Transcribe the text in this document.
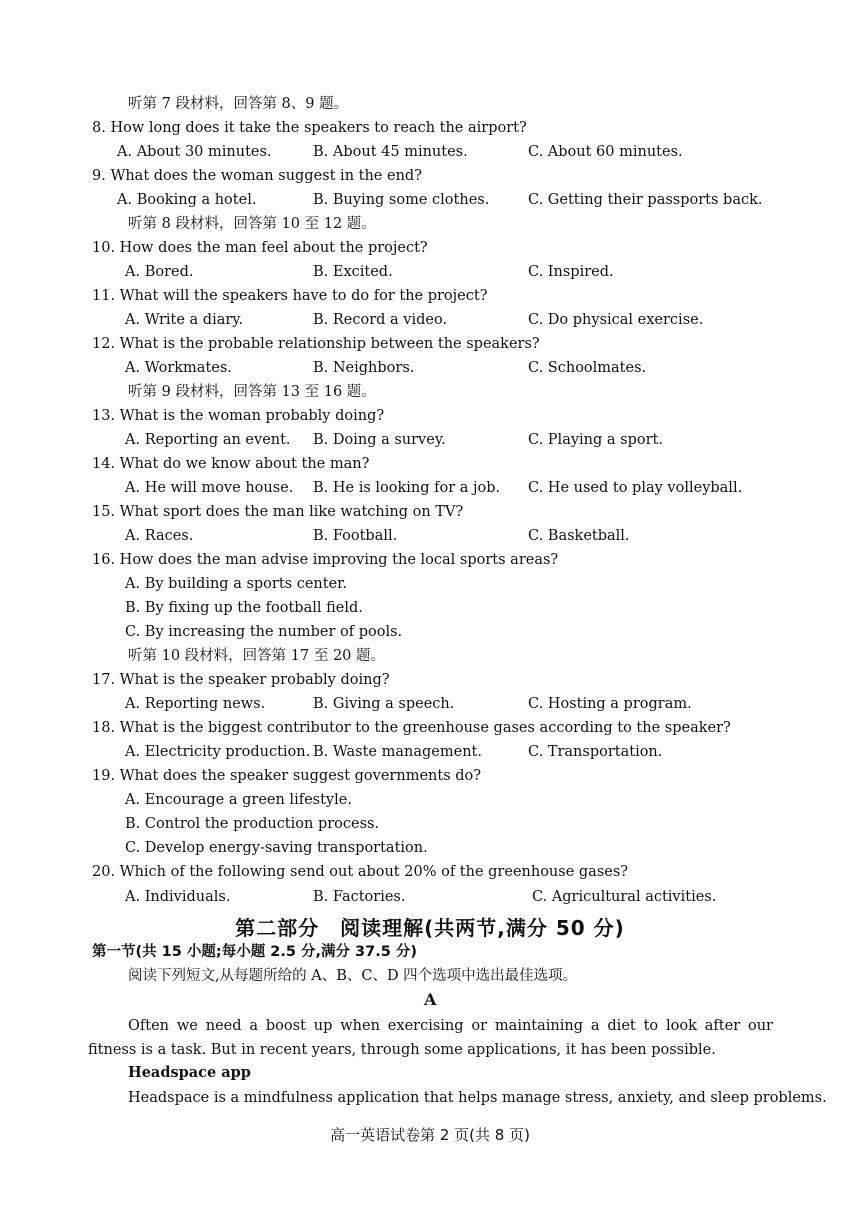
听第 7 段材料，回答第 8、9 题。
8. How long does it take the speakers to reach the airport?
A. About 30 minutes.	B. About 45 minutes.	C. About 60 minutes.
9. What does the woman suggest in the end?
A. Booking a hotel.	B. Buying some clothes.	C. Getting their passports back.
听第 8 段材料，回答第 10 至 12 题。
10. How does the man feel about the project?
A. Bored.	B. Excited.	C. Inspired.
11. What will the speakers have to do for the project?
A. Write a diary.	B. Record a video.	C. Do physical exercise.
12. What is the probable relationship between the speakers?
A. Workmates.	B. Neighbors.	C. Schoolmates.
听第 9 段材料，回答第 13 至 16 题。
13. What is the woman probably doing?
A. Reporting an event. B. Doing a survey.	C. Playing a sport.
14. What do we know about the man?
A. He will move house. B. He is looking for a job. C. He used to play volleyball.
15. What sport does the man like watching on TV?
A. Races.	B. Football.	C. Basketball.
16. How does the man advise improving the local sports areas?
A. By building a sports center.
B. By fixing up the football field.
C. By increasing the number of pools.
听第 10 段材料，回答第 17 至 20 题。
17. What is the speaker probably doing?
A. Reporting news.	B. Giving a speech.	C. Hosting a program.
18. What is the biggest contributor to the greenhouse gases according to the speaker?
A. Electricity production. B. Waste management.	C. Transportation.
19. What does the speaker suggest governments do?
A. Encourage a green lifestyle.
B. Control the production process.
C. Develop energy-saving transportation.
20. Which of the following send out about 20% of the greenhouse gases?
A. Individuals.	B. Factories.	C. Agricultural activities.
第二部分　阅读理解(共两节,满分 50 分)
第一节(共 15 小题;每小题 2.5 分,满分 37.5 分)
阅读下列短文,从每题所给的 A、B、C、D 四个选项中选出最佳选项。
A
Often we need a boost up when exercising or maintaining a diet to look after our fitness is a task. But in recent years, through some applications, it has been possible.
Headspace app
Headspace is a mindfulness application that helps manage stress, anxiety, and sleep problems.
高一英语试卷第 2 页(共 8 页)
